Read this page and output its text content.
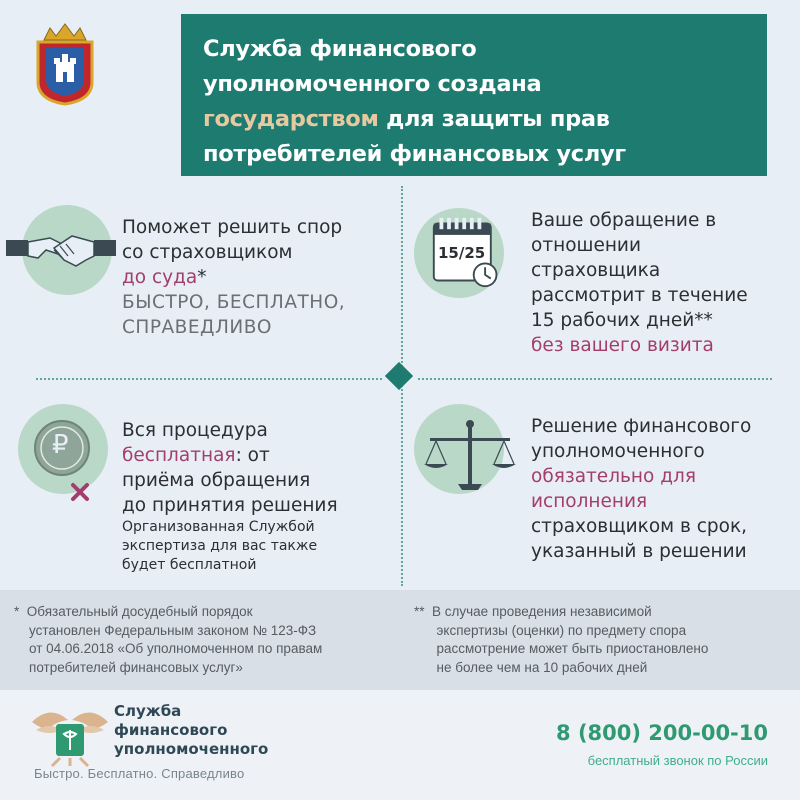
Служба финансового
уполномоченного создана
государством для защиты прав
потребителей финансовых услуг
Поможет решить спор
со страховщиком
до суда*
БЫСТРО, БЕСПЛАТНО,
СПРАВЕДЛИВО
15/25
Ваше обращение в
отношении
страховщика
рассмотрит в течение
15 рабочих дней**
без вашего визита
₽	Вся процедура
бесплатная: от
приёма обращения
до принятия решения
Организованная Службой
экспертиза для вас также
будет бесплатной
Решение финансового
уполномоченного
обязательно для
исполнения
страховщиком в срок,
указанный в решении
*  Обязательный досудебный порядок
установлен Федеральным законом № 123-ФЗ
от 04.06.2018 «Об уполномоченном по правам
потребителей финансовых услуг»
**  В случае проведения независимой
экспертизы (оценки) по предмету спора
рассмотрение может быть приостановлено
не более чем на 10 рабочих дней
Служба
финансового
уполномоченного
Быстро. Бесплатно. Справедливо
8 (800) 200-00-10
бесплатный звонок по России
